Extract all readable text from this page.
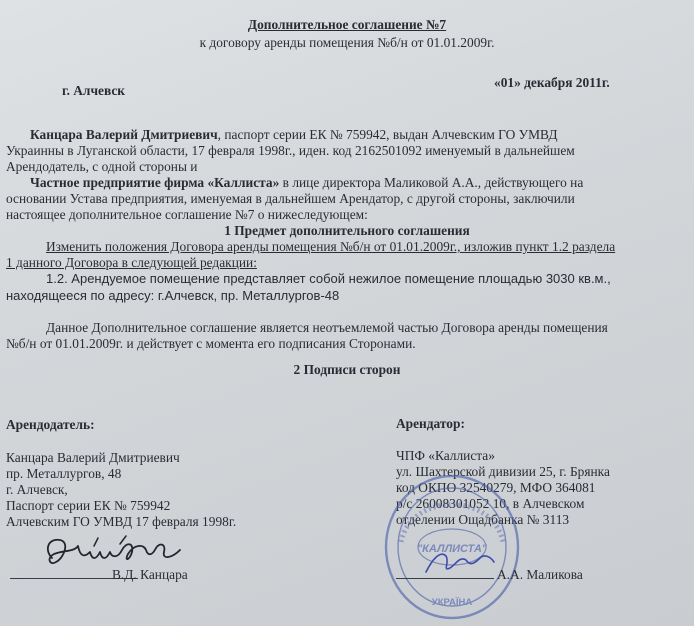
Дополнительное соглашение №7
к договору аренды помещения №б/н от 01.01.2009г.
г. Алчевск
«01» декабря 2011г.
Канцара Валерий Дмитриевич, паспорт серии ЕК № 759942, выдан Алчевским ГО УМВД
Украинны в Луганской области, 17 февраля 1998г., иден. код 2162501092 именуемый в дальнейшем
Арендодатель, с одной стороны и
Частное предприятие фирма «Каллиста» в лице директора Маликовой А.А., действующего на
основании Устава предприятия, именуемая в дальнейшем Арендатор, с другой стороны, заключили
настоящее дополнительное соглашение №7 о нижеследующем:
1 Предмет дополнительного соглашения
Изменить положения Договора аренды помещения №б/н от 01.01.2009г., изложив пункт 1.2 раздела
1 данного Договора в следующей редакции:
1.2. Арендуемое помещение представляет собой нежилое помещение площадью 3030 кв.м.,
находящееся по адресу: г.Алчевск, пр. Металлургов-48
Данное Дополнительное соглашение является неотъемлемой частью Договора аренды помещения
№б/н от 01.01.2009г. и действует с момента его подписания Сторонами.
2 Подписи сторон
Арендодатель:
Канцара Валерий Дмитриевич
пр. Металлургов, 48
г. Алчевск,
Паспорт серии ЕК № 759942
Алчевским ГО УМВД 17 февраля 1998г.
В.Д. Канцара
Арендатор:
ЧПФ «Каллиста»
ул. Шахтерской дивизии 25, г. Брянка
код ОКПО 32540279, МФО 364081
р/с 26008301052 10, в Алчевском
отделении Ощадбанка № 3113
"КАЛЛИСТА"
УКРАЇНА
А.А. Маликова
